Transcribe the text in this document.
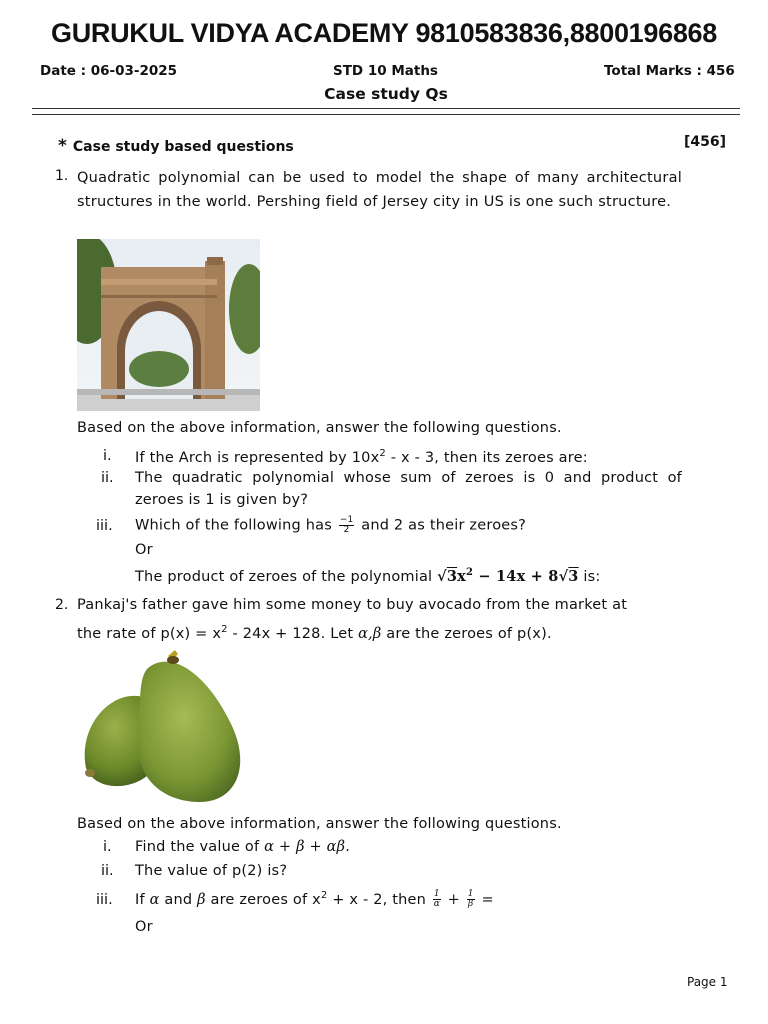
GURUKUL VIDYA ACADEMY 9810583836,8800196868
Date : 06-03-2025	STD 10 Maths	Total Marks : 456
Case study Qs
* Case study based questions	[456]
1. Quadratic polynomial can be used to model the shape of many architectural structures in the world. Pershing field of Jersey city in US is one such structure.
Based on the above information, answer the following questions.
i. If the Arch is represented by $10x^2$ - x - 3, then its zeroes are:
ii. The quadratic polynomial whose sum of zeroes is 0 and product of zeroes is 1 is given by?
iii. Which of the following has $\frac{-1}{2}$ and 2 as their zeroes?
Or
The product of zeroes of the polynomial $√3x^2 - 14x + 8√3$ is:
2. Pankaj's father gave him some money to buy avocado from the market at
the rate of $p(x) = x^2 - 24x + 128$. Let α,β are the zeroes of p(x).
Based on the above information, answer the following questions.
i. Find the value of α + β + αβ.
ii. The value of p(2) is?
iii. If α and β are zeroes of $x^2 + x - 2$, then $\frac{1}{\alpha} + \frac{1}{\beta}$ =
Or
Page 1
